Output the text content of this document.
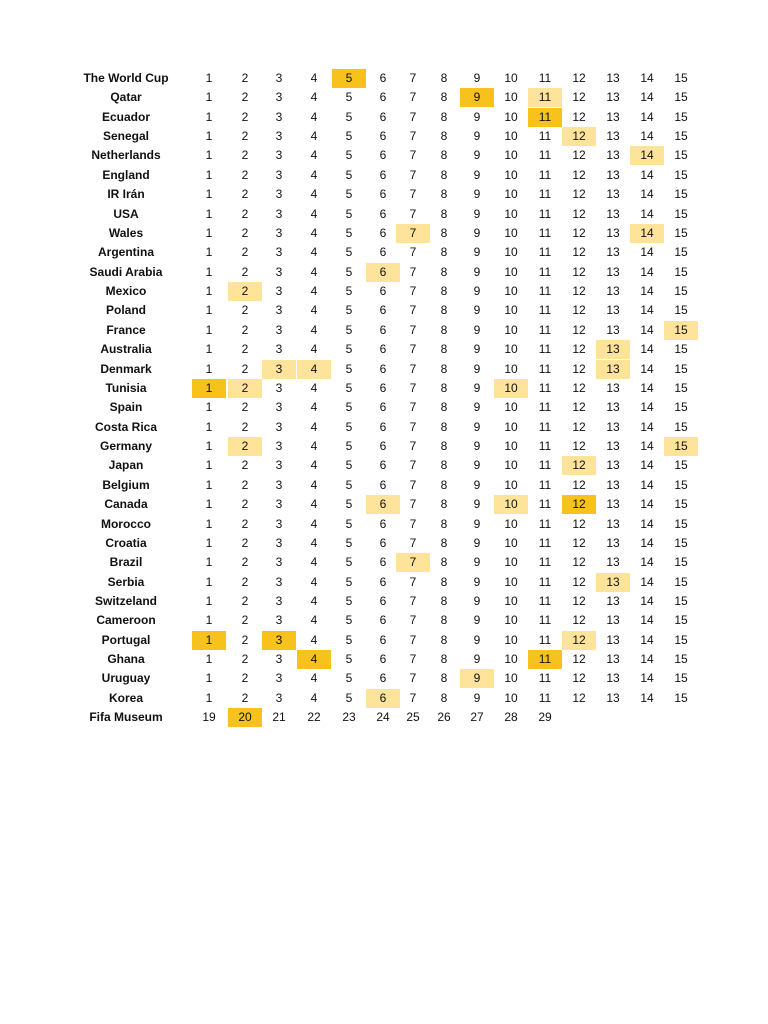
The World Cup	1	2	3	4	5	6	7	8	9	10	11	12	13	14	15
Qatar	1	2	3	4	5	6	7	8	9	10	11	12	13	14	15
Ecuador	1	2	3	4	5	6	7	8	9	10	11	12	13	14	15
Senegal	1	2	3	4	5	6	7	8	9	10	11	12	13	14	15
Netherlands	1	2	3	4	5	6	7	8	9	10	11	12	13	14	15
England	1	2	3	4	5	6	7	8	9	10	11	12	13	14	15
IR Irán	1	2	3	4	5	6	7	8	9	10	11	12	13	14	15
USA	1	2	3	4	5	6	7	8	9	10	11	12	13	14	15
Wales	1	2	3	4	5	6	7	8	9	10	11	12	13	14	15
Argentina	1	2	3	4	5	6	7	8	9	10	11	12	13	14	15
Saudi Arabia	1	2	3	4	5	6	7	8	9	10	11	12	13	14	15
Mexico	1	2	3	4	5	6	7	8	9	10	11	12	13	14	15
Poland	1	2	3	4	5	6	7	8	9	10	11	12	13	14	15
France	1	2	3	4	5	6	7	8	9	10	11	12	13	14	15
Australia	1	2	3	4	5	6	7	8	9	10	11	12	13	14	15
Denmark	1	2	3	4	5	6	7	8	9	10	11	12	13	14	15
Tunisia	1	2	3	4	5	6	7	8	9	10	11	12	13	14	15
Spain	1	2	3	4	5	6	7	8	9	10	11	12	13	14	15
Costa Rica	1	2	3	4	5	6	7	8	9	10	11	12	13	14	15
Germany	1	2	3	4	5	6	7	8	9	10	11	12	13	14	15
Japan	1	2	3	4	5	6	7	8	9	10	11	12	13	14	15
Belgium	1	2	3	4	5	6	7	8	9	10	11	12	13	14	15
Canada	1	2	3	4	5	6	7	8	9	10	11	12	13	14	15
Morocco	1	2	3	4	5	6	7	8	9	10	11	12	13	14	15
Croatia	1	2	3	4	5	6	7	8	9	10	11	12	13	14	15
Brazil	1	2	3	4	5	6	7	8	9	10	11	12	13	14	15
Serbia	1	2	3	4	5	6	7	8	9	10	11	12	13	14	15
Switzeland	1	2	3	4	5	6	7	8	9	10	11	12	13	14	15
Cameroon	1	2	3	4	5	6	7	8	9	10	11	12	13	14	15
Portugal	1	2	3	4	5	6	7	8	9	10	11	12	13	14	15
Ghana	1	2	3	4	5	6	7	8	9	10	11	12	13	14	15
Uruguay	1	2	3	4	5	6	7	8	9	10	11	12	13	14	15
Korea	1	2	3	4	5	6	7	8	9	10	11	12	13	14	15
Fifa Museum	19	20	21	22	23	24	25	26	27	28	29
